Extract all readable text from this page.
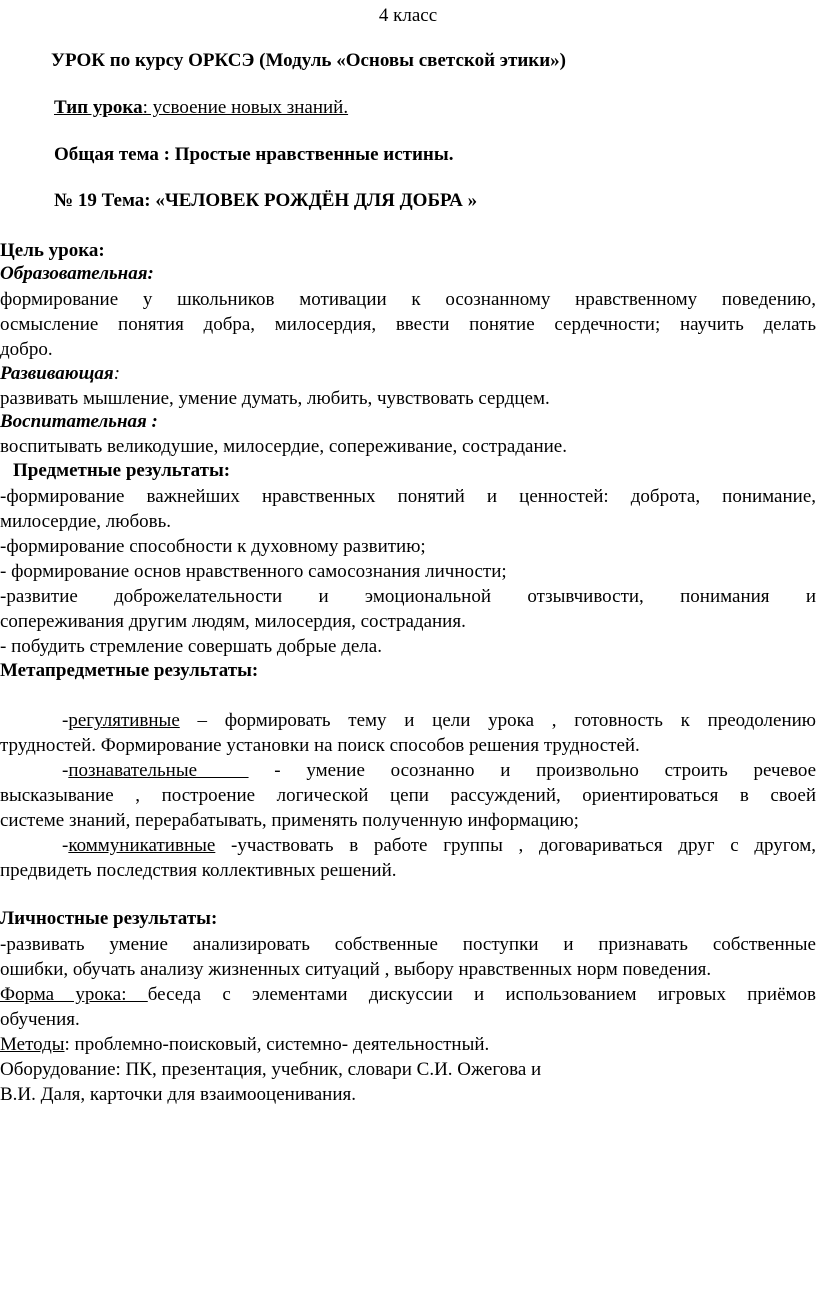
4 класс
УРОК по курсу ОРКСЭ (Модуль «Основы светской этики»)
Тип урока: усвоение новых знаний.
Общая тема : Простые нравственные истины.
№ 19 Тема: «ЧЕЛОВЕК РОЖДЁН ДЛЯ ДОБРА »
Цель урока:
Образовательная:
формирование у школьников мотивации к осознанному нравственному поведению,
осмысление понятия добра, милосердия, ввести понятие сердечности; научить делать
добро.
Развивающая:
развивать мышление, умение думать, любить, чувствовать сердцем.
Воспитательная :
воспитывать великодушие, милосердие, сопереживание, сострадание.
Предметные результаты:
-формирование важнейших нравственных понятий и ценностей: доброта, понимание,
милосердие, любовь.
-формирование способности к духовному развитию;
- формирование основ нравственного самосознания личности;
-развитие доброжелательности и эмоциональной отзывчивости, понимания и
сопереживания другим людям, милосердия, сострадания.
- побудить стремление совершать добрые дела.
Метапредметные результаты:
-регулятивные – формировать тему и цели урока , готовность к преодолению
трудностей. Формирование установки на поиск способов решения трудностей.
-познавательные   - умение осознанно и произвольно строить речевое
высказывание , построение логической цепи рассуждений, ориентироваться в своей
системе знаний, перерабатывать, применять полученную информацию;
-коммуникативные -участвовать в работе группы , договариваться друг с другом,
предвидеть последствия коллективных решений.
Личностные результаты:
-развивать умение анализировать собственные поступки и признавать собственные
ошибки, обучать анализу жизненных ситуаций , выбору нравственных норм поведения.
Форма урока: беседа с элементами дискуссии и использованием игровых приёмов
обучения.
Методы: проблемно-поисковый, системно- деятельностный.
Оборудование: ПК, презентация, учебник, словари С.И. Ожегова и
В.И. Даля, карточки для взаимооценивания.
